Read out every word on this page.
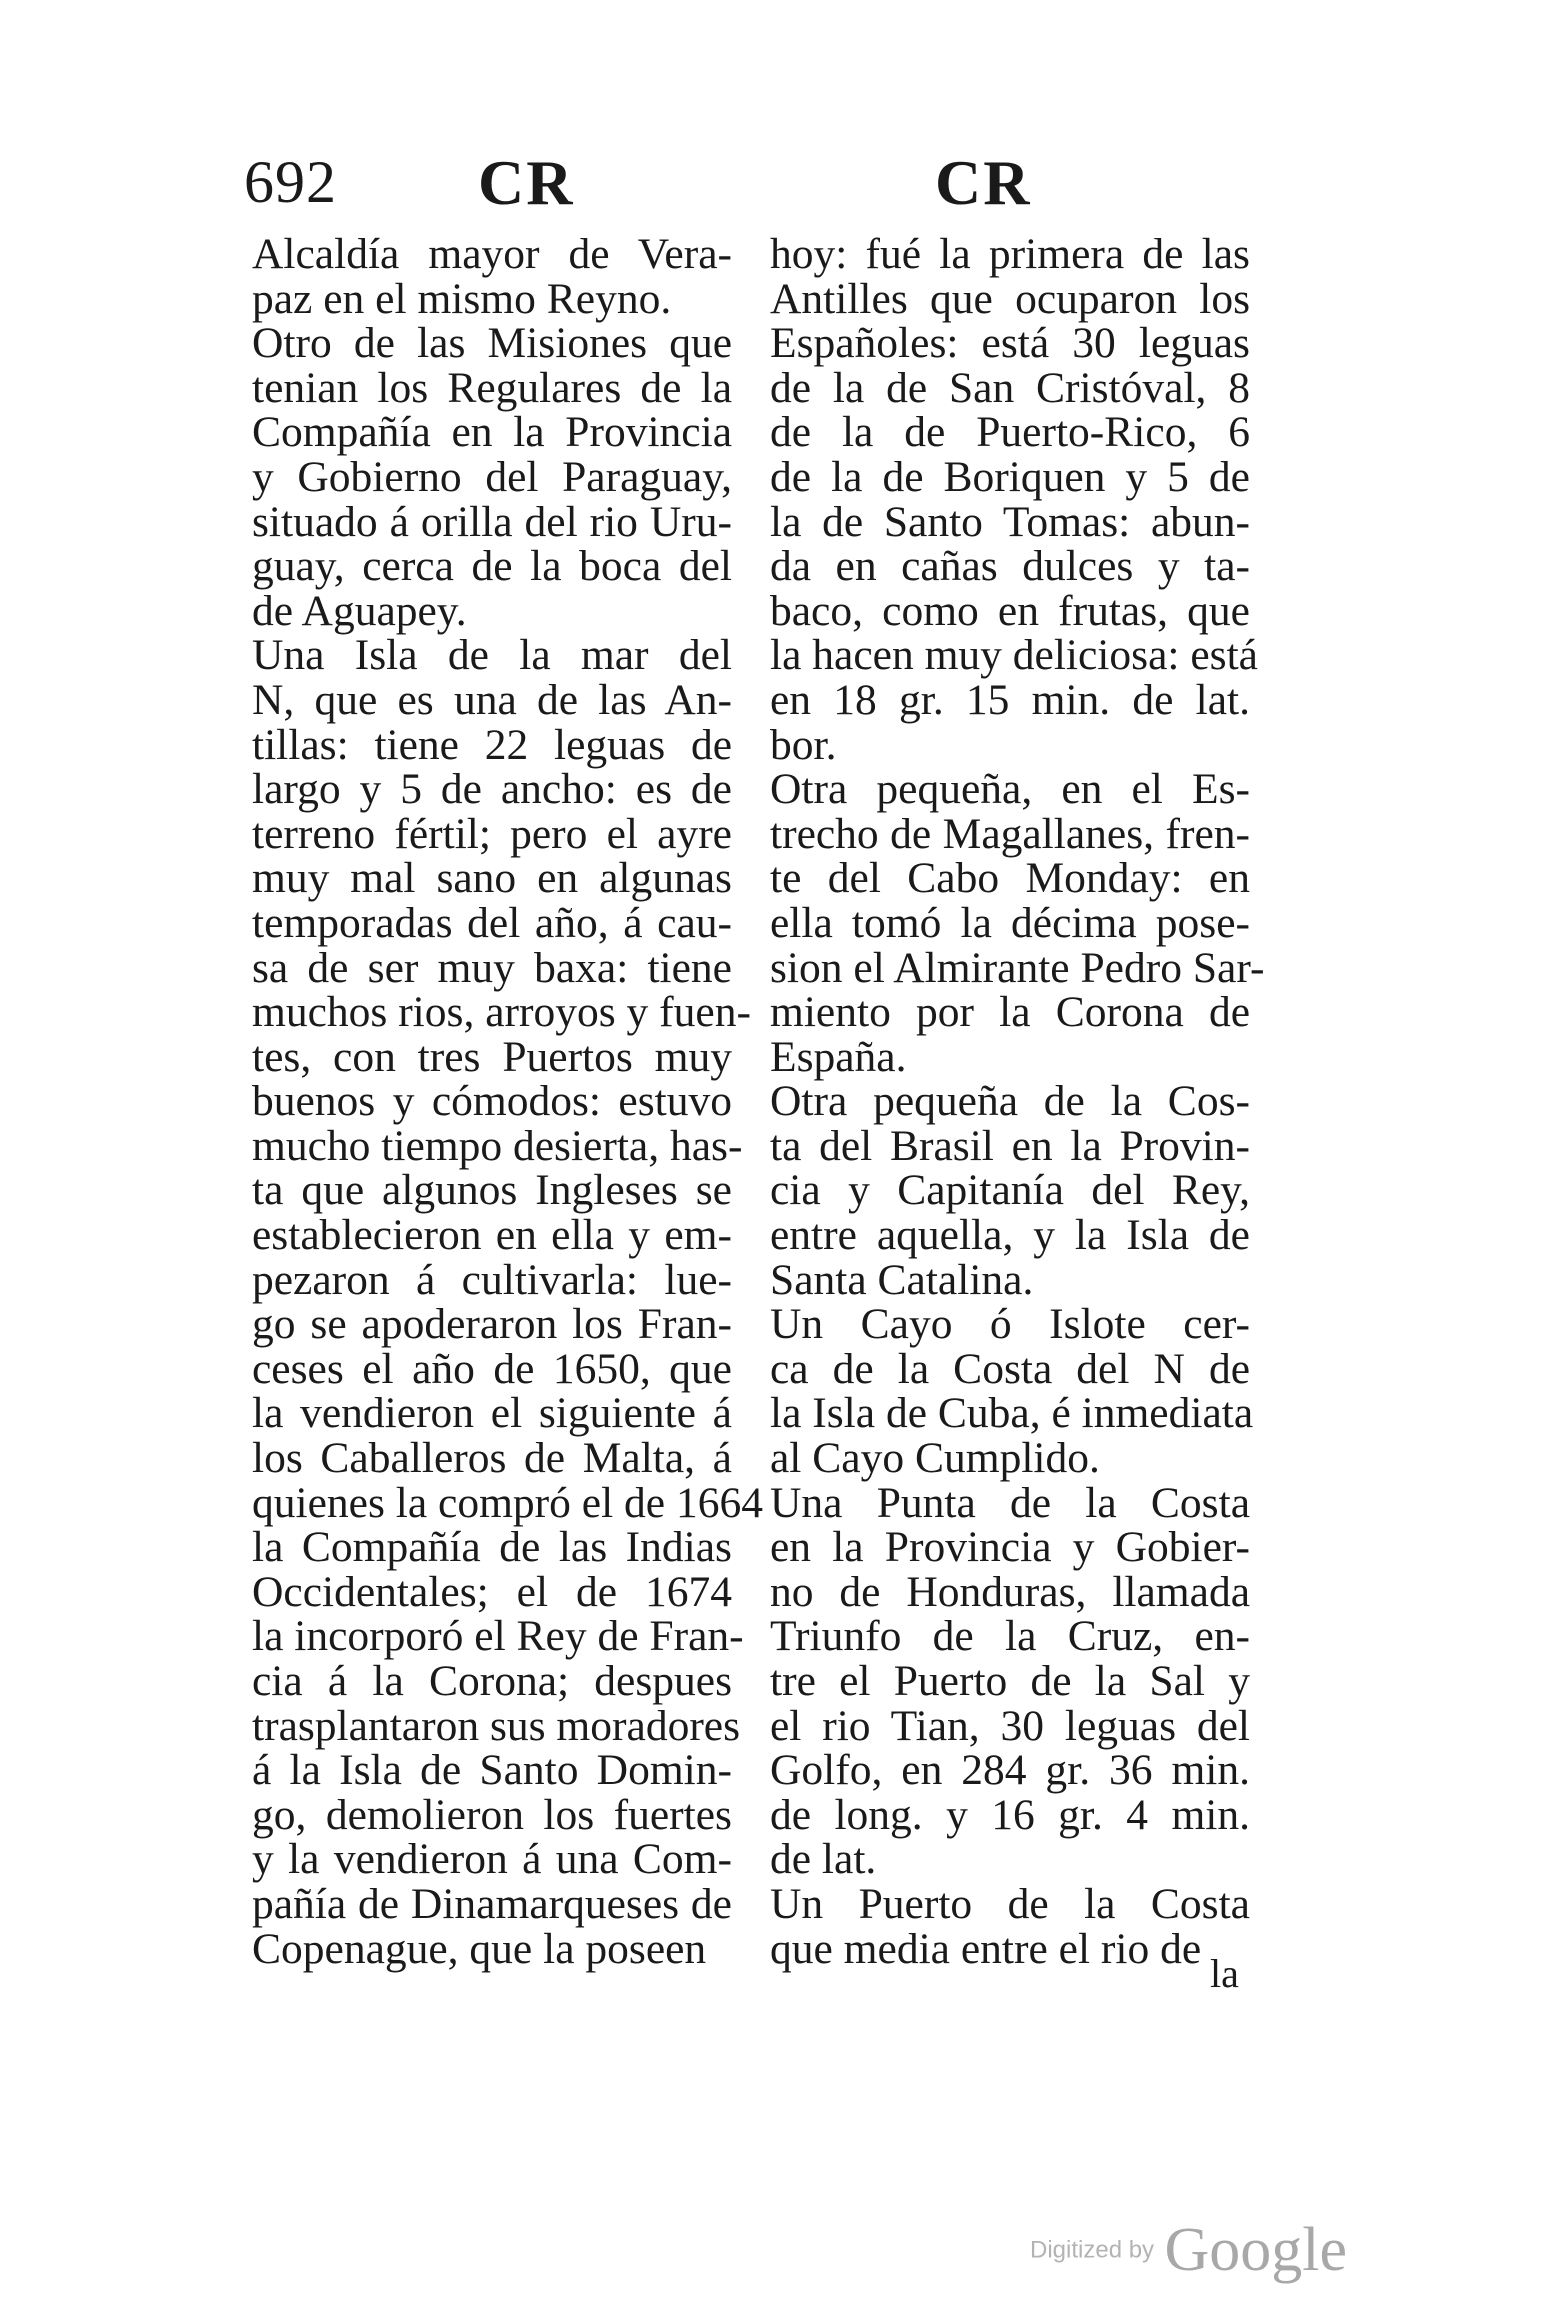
692 CR	CR
Alcaldía mayor de Vera-
paz en el mismo Reyno.
Otro de las Misiones que
tenian los Regulares de la
Compañía en la Provincia
y Gobierno del Paraguay,
situado á orilla del rio Uru-
guay, cerca de la boca del
de Aguapey.
Una Isla de la mar del
N, que es una de las An-
tillas: tiene 22 leguas de
largo y 5 de ancho: es de
terreno fértil; pero el ayre
muy mal sano en algunas
temporadas del año, á cau-
sa de ser muy baxa: tiene
muchos rios, arroyos y fuen-
tes, con tres Puertos muy
buenos y cómodos: estuvo
mucho tiempo desierta, has-
ta que algunos Ingleses se
establecieron en ella y em-
pezaron á cultivarla: lue-
go se apoderaron los Fran-
ceses el año de 1650, que
la vendieron el siguiente á
los Caballeros de Malta, á
quienes la compró el de 1664
la Compañía de las Indias
Occidentales; el de 1674
la incorporó el Rey de Fran-
cia á la Corona; despues
trasplantaron sus moradores
á la Isla de Santo Domin-
go, demolieron los fuertes
y la vendieron á una Com-
pañía de Dinamarqueses de
Copenague, que la poseen
hoy: fué la primera de las
Antilles que ocuparon los
Españoles: está 30 leguas
de la de San Cristóval, 8
de la de Puerto-Rico, 6
de la de Boriquen y 5 de
la de Santo Tomas: abun-
da en cañas dulces y ta-
baco, como en frutas, que
la hacen muy deliciosa: está
en 18 gr. 15 min. de lat.
bor.
Otra pequeña, en el Es-
trecho de Magallanes, fren-
te del Cabo Monday: en
ella tomó la décima pose-
sion el Almirante Pedro Sar-
miento por la Corona de
España.
Otra pequeña de la Cos-
ta del Brasil en la Provin-
cia y Capitanía del Rey,
entre aquella, y la Isla de
Santa Catalina.
Un Cayo ó Islote cer-
ca de la Costa del N de
la Isla de Cuba, é inmediata
al Cayo Cumplido.
Una Punta de la Costa
en la Provincia y Gobier-
no de Honduras, llamada
Triunfo de la Cruz, en-
tre el Puerto de la Sal y
el rio Tian, 30 leguas del
Golfo, en 284 gr. 36 min.
de long. y 16 gr. 4 min.
de lat.
Un Puerto de la Costa
que media entre el rio de
la
Digitized by Google
